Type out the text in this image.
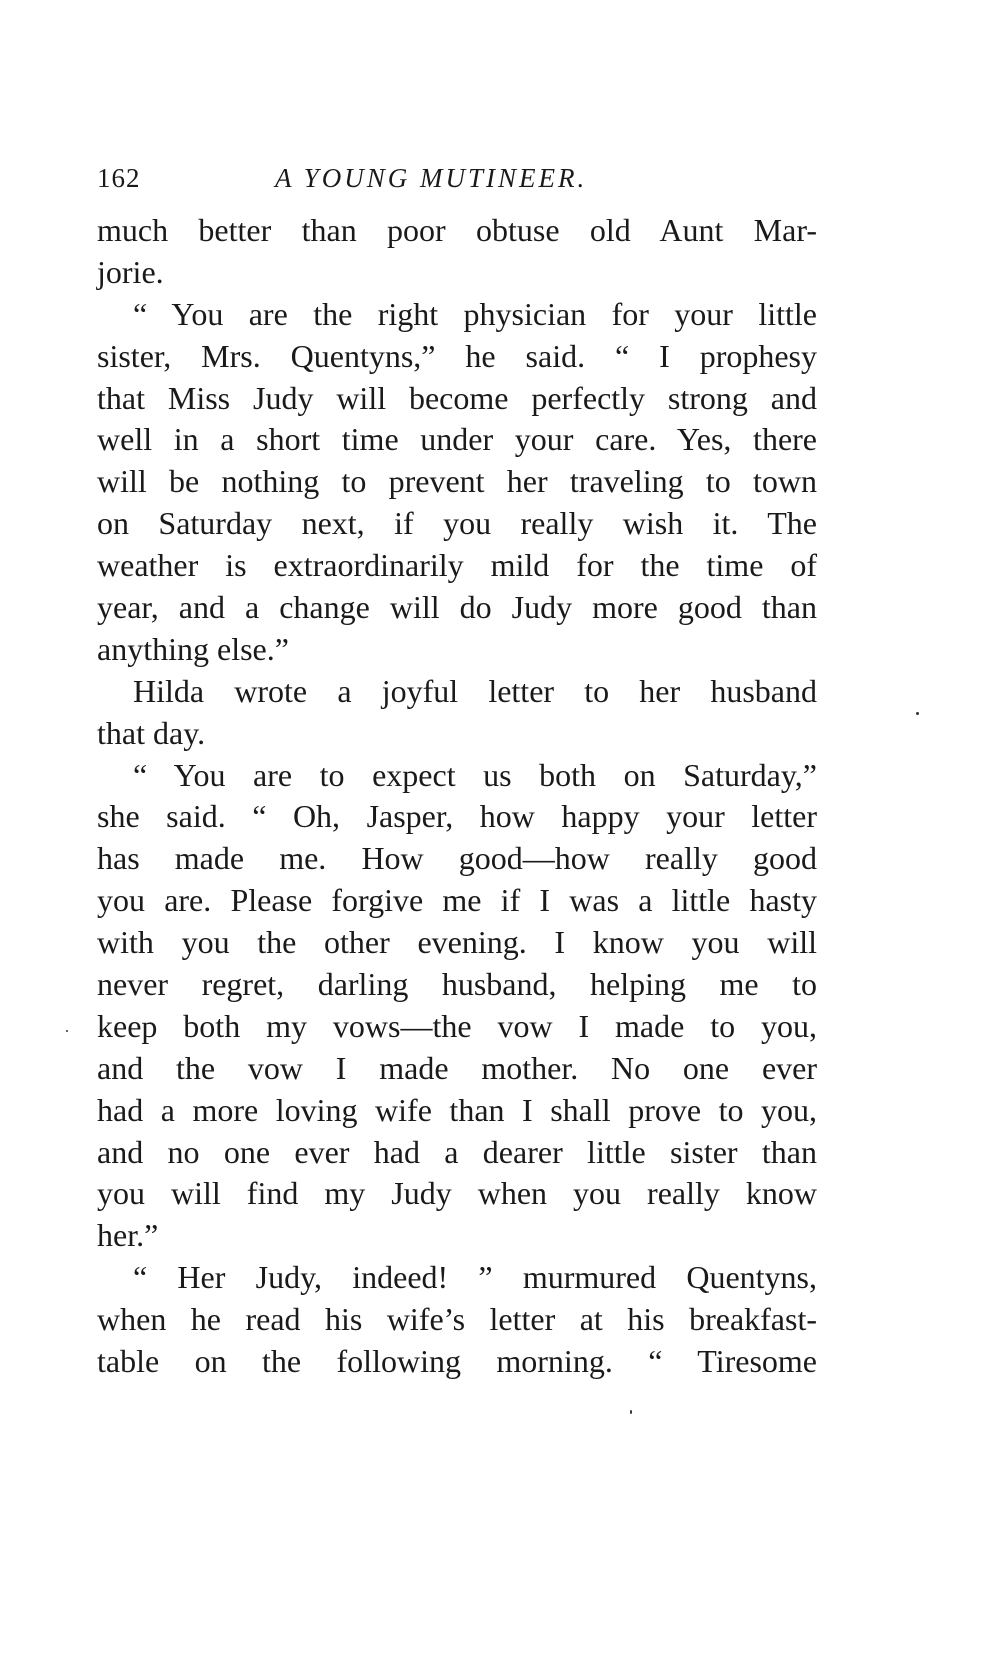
162	A YOUNG MUTINEER.
much better than poor obtuse old Aunt Mar-
jorie.
“ You are the right physician for your little
sister, Mrs. Quentyns,” he said. “ I prophesy
that Miss Judy will become perfectly strong and
well in a short time under your care. Yes, there
will be nothing to prevent her traveling to town
on Saturday next, if you really wish it. The
weather is extraordinarily mild for the time of
year, and a change will do Judy more good than
anything else.”
Hilda wrote a joyful letter to her husband
that day.
“ You are to expect us both on Saturday,”
she said. “ Oh, Jasper, how happy your letter
has made me. How good—how really good
you are. Please forgive me if I was a little hasty
with you the other evening. I know you will
never regret, darling husband, helping me to
keep both my vows—the vow I made to you,
and the vow I made mother. No one ever
had a more loving wife than I shall prove to you,
and no one ever had a dearer little sister than
you will find my Judy when you really know
her.”
“ Her Judy, indeed! ” murmured Quentyns,
when he read his wife’s letter at his breakfast-
table on the following morning. “ Tiresome
